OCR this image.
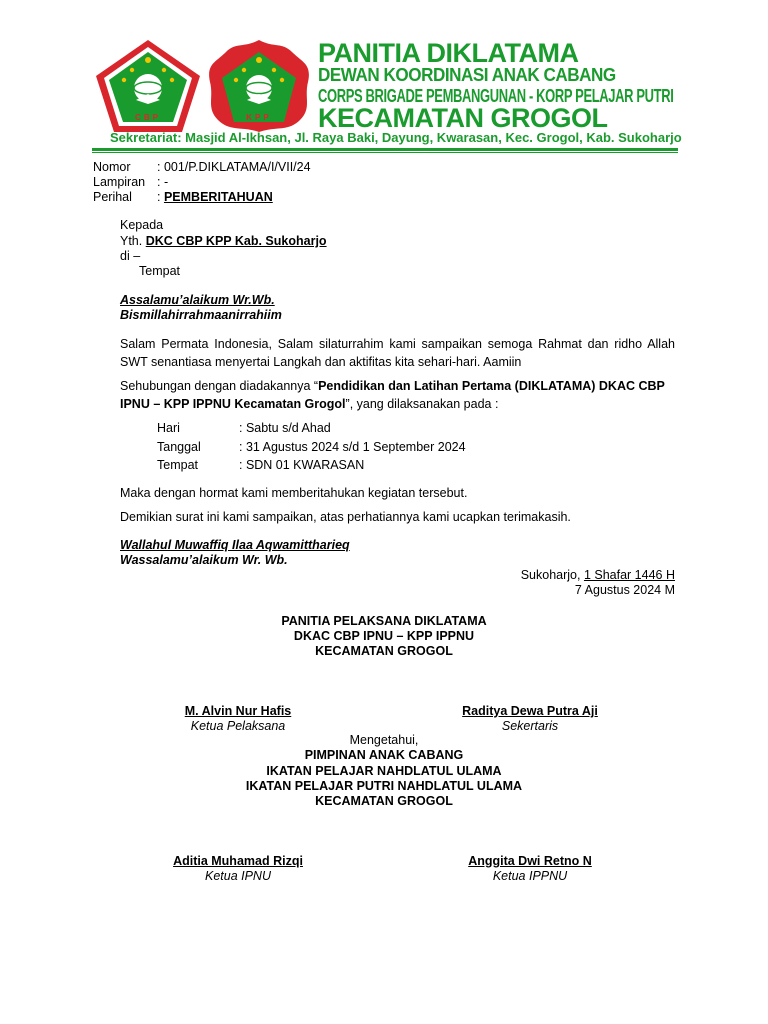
CBP	KPP
PANITIA DIKLATAMA
DEWAN KOORDINASI ANAK CABANG
CORPS BRIGADE PEMBANGUNAN - KORP PELAJAR PUTRI
KECAMATAN GROGOL
Sekretariat: Masjid Al-Ikhsan, Jl. Raya Baki, Dayung, Kwarasan, Kec. Grogol, Kab. Sukoharjo
Nomor : 001/P.DIKLATAMA/I/VII/24
Lampiran : -
Perihal : PEMBERITAHUAN
Kepada
Yth. DKC CBP KPP Kab. Sukoharjo
di –
Tempat
Assalamu’alaikum Wr.Wb.
Bismillahirrahmaanirrahiim
Salam Permata Indonesia, Salam silaturrahim kami sampaikan semoga Rahmat dan ridho Allah SWT senantiasa menyertai Langkah dan aktifitas kita sehari-hari. Aamiin
Sehubungan dengan diadakannya “Pendidikan dan Latihan Pertama (DIKLATAMA) DKAC CBP IPNU – KPP IPPNU Kecamatan Grogol”, yang dilaksanakan pada :
Hari	: Sabtu s/d Ahad
Tanggal	: 31 Agustus 2024 s/d 1 September 2024
Tempat	: SDN 01 KWARASAN
Maka dengan hormat kami memberitahukan kegiatan tersebut.
Demikian surat ini kami sampaikan, atas perhatiannya kami ucapkan terimakasih.
Wallahul Muwaffiq Ilaa Aqwamittharieq
Wassalamu’alaikum Wr. Wb.
Sukoharjo, 1 Shafar 1446 H
7 Agustus 2024 M
PANITIA PELAKSANA DIKLATAMA
DKAC CBP IPNU – KPP IPPNU
KECAMATAN GROGOL
M. Alvin Nur Hafis
Ketua Pelaksana
Raditya Dewa Putra Aji
Sekertaris
Mengetahui,
PIMPINAN ANAK CABANG
IKATAN PELAJAR NAHDLATUL ULAMA
IKATAN PELAJAR PUTRI NAHDLATUL ULAMA
KECAMATAN GROGOL
Aditia Muhamad Rizqi
Ketua IPNU
Anggita Dwi Retno N
Ketua IPPNU
